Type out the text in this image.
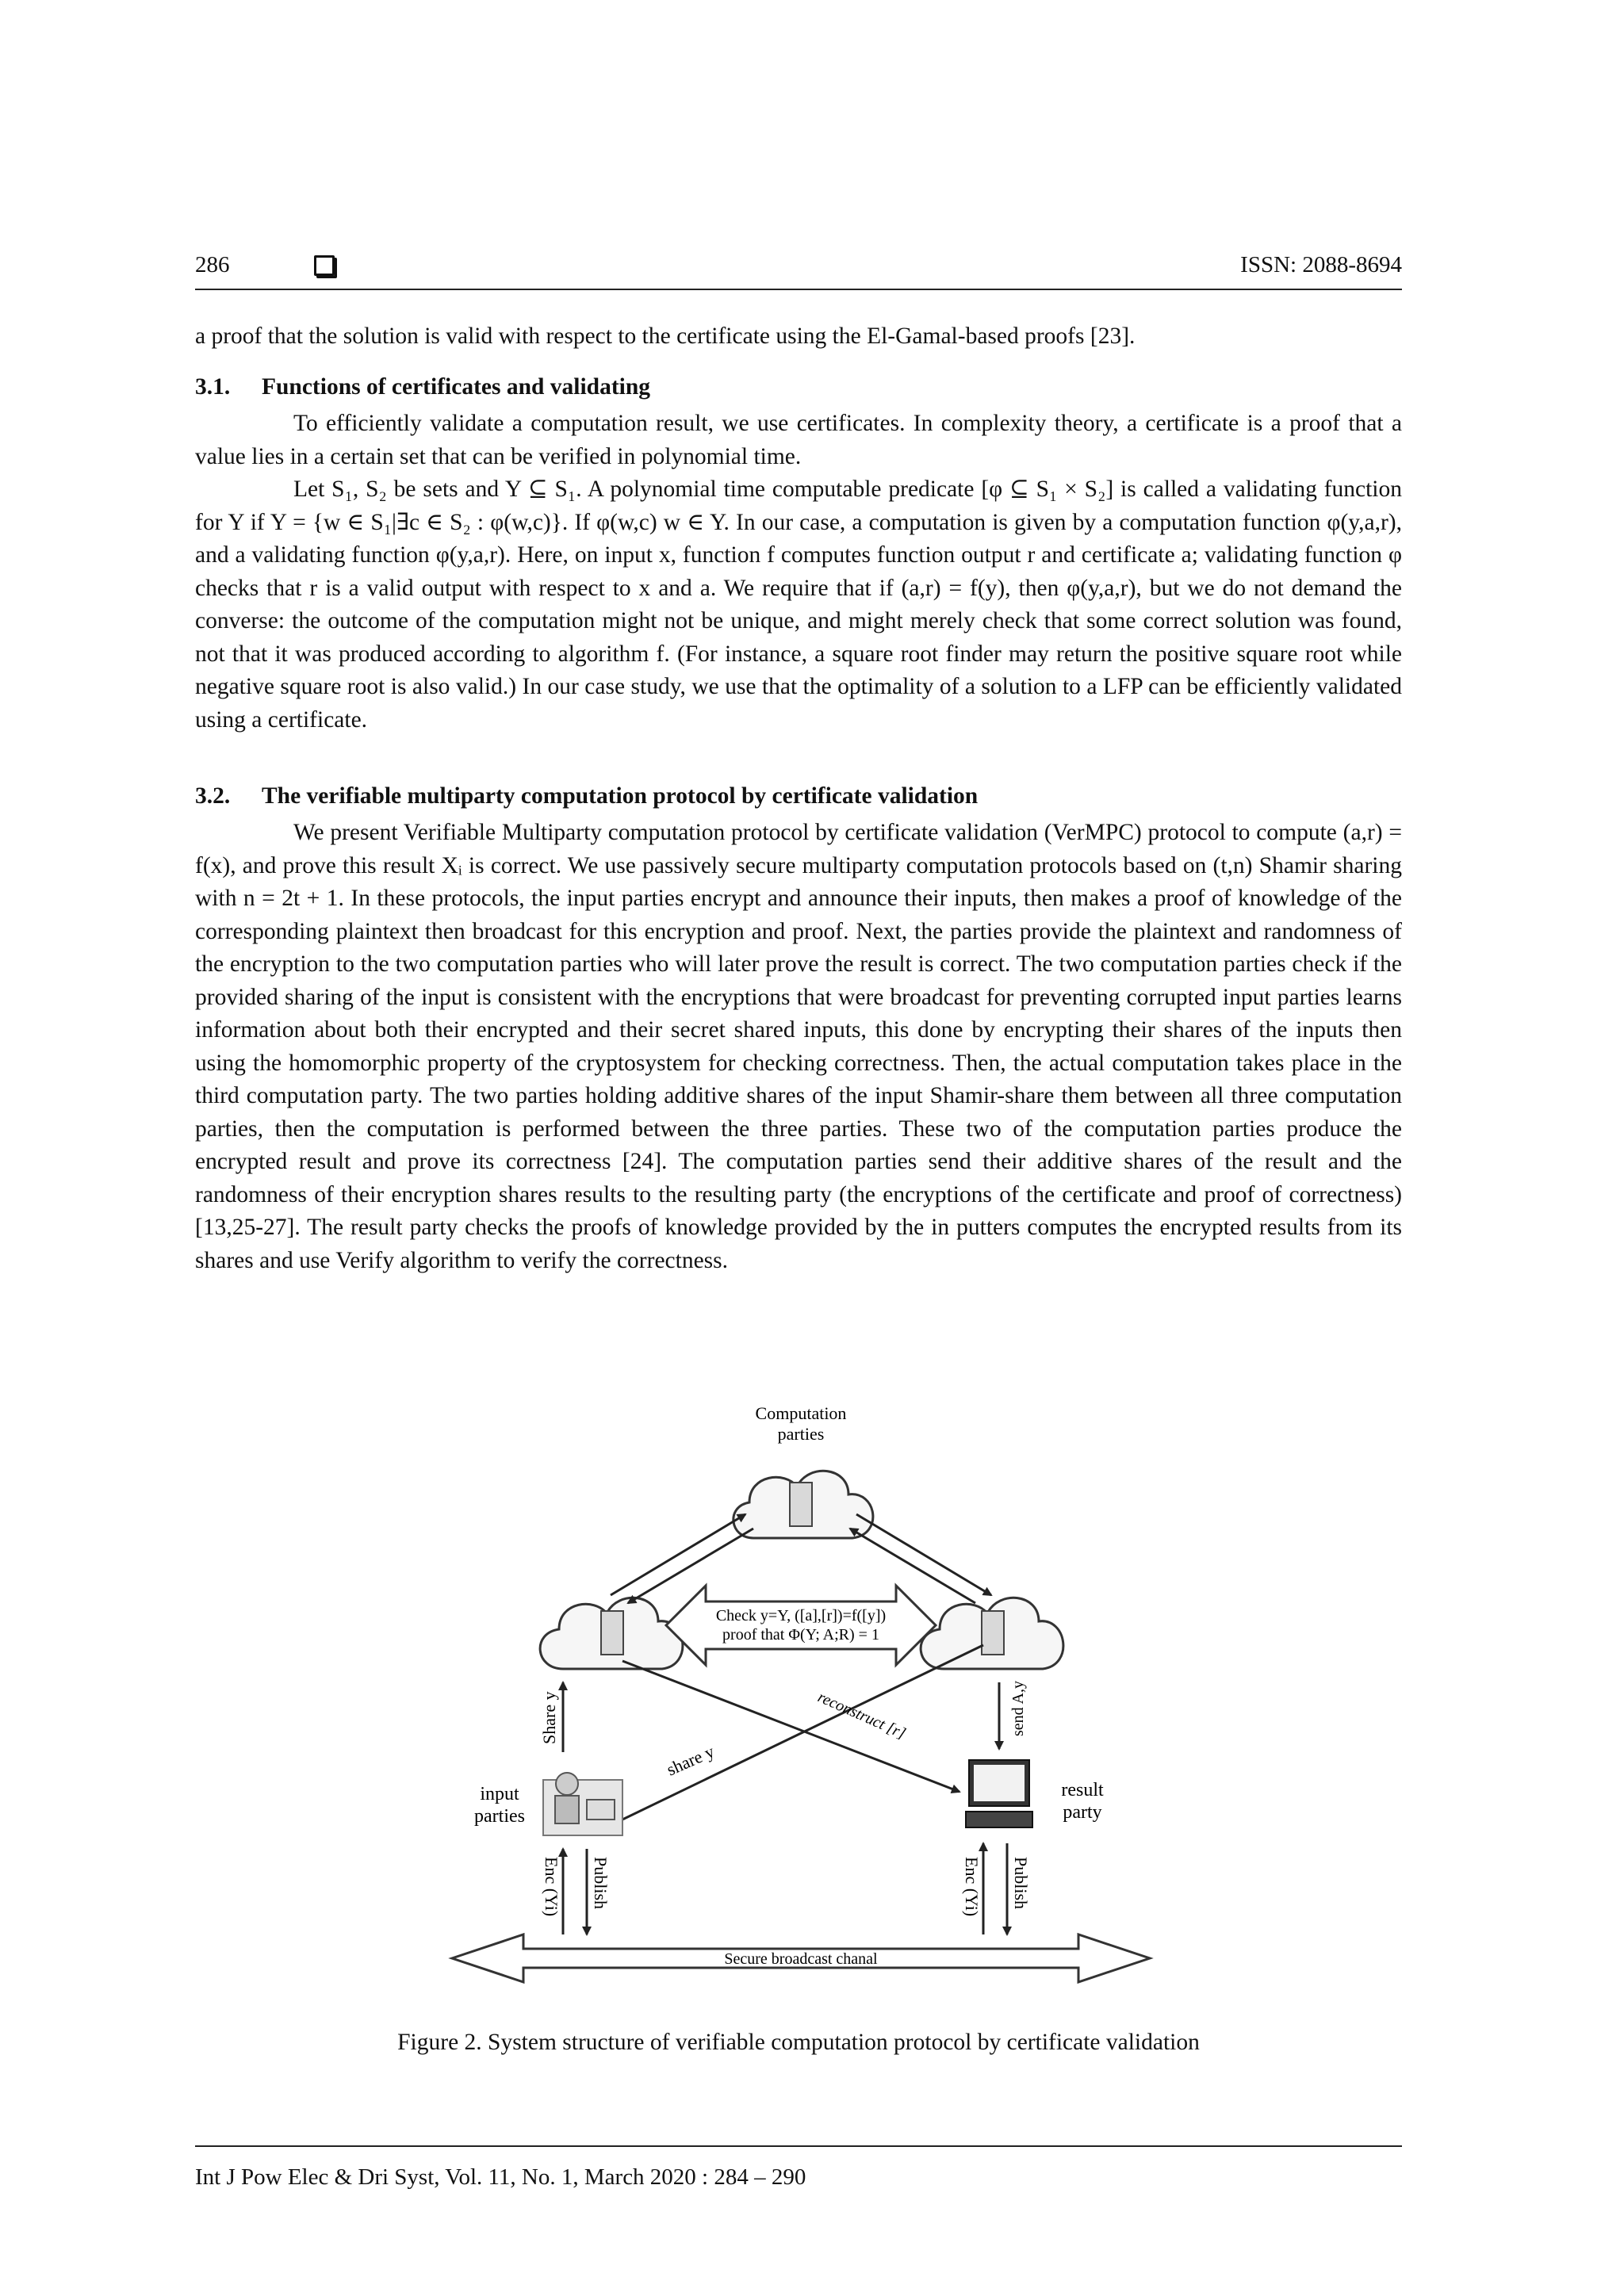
286	ISSN: 2088-8694

a proof that the solution is valid with respect to the certificate using the El-Gamal-based proofs [23].

3.1. Functions of certificates and validating

To efficiently validate a computation result, we use certificates. In complexity theory, a certificate is a proof that a value lies in a certain set that can be verified in polynomial time.

Let S₁, S₂ be sets and Y ⊆ S₁. A polynomial time computable predicate [φ ⊆ S₁ × S₂] is called a validating function for Y if Y = {w ∈ S₁|∃c ∈ S₂ : φ(w,c)}. If φ(w,c) w ∈ Y. In our case, a computation is given by a computation function φ(y,a,r), and a validating function φ(y,a,r). Here, on input x, function f computes function output r and certificate a; validating function φ checks that r is a valid output with respect to x and a. We require that if (a,r) = f(y), then φ(y,a,r), but we do not demand the converse: the outcome of the computation might not be unique, and might merely check that some correct solution was found, not that it was produced according to algorithm f. (For instance, a square root finder may return the positive square root while negative square root is also valid.) In our case study, we use that the optimality of a solution to a LFP can be efficiently validated using a certificate.

3.2. The verifiable multiparty computation protocol by certificate validation

We present Verifiable Multiparty computation protocol by certificate validation (VerMPC) protocol to compute (a,r) = f(x), and prove this result Xᵢ is correct. We use passively secure multiparty computation protocols based on (t,n) Shamir sharing with n = 2t + 1. In these protocols, the input parties encrypt and announce their inputs, then makes a proof of knowledge of the corresponding plaintext then broadcast for this encryption and proof. Next, the parties provide the plaintext and randomness of the encryption to the two computation parties who will later prove the result is correct. The two computation parties check if the provided sharing of the input is consistent with the encryptions that were broadcast for preventing corrupted input parties learns information about both their encrypted and their secret shared inputs, this done by encrypting their shares of the inputs then using the homomorphic property of the cryptosystem for checking correctness. Then, the actual computation takes place in the third computation party. The two parties holding additive shares of the input Shamir-share them between all three computation parties, then the computation is performed between the three parties. These two of the computation parties produce the encrypted result and prove its correctness [24]. The computation parties send their additive shares of the result and the randomness of their encryption shares results to the resulting party (the encryptions of the certificate and proof of correctness) [13,25-27]. The result party checks the proofs of knowledge provided by the in putters computes the encrypted results from its shares and use Verify algorithm to verify the correctness.

Computation
parties
Check y=Y, ([a],[r])=f([y])
proof that Φ(Y; A;R) = 1
Share y	send A,y
share y
reconstruct [r]
input
parties
result
party
Enc (Yi) Publish	Enc (Yi) Publish
Secure broadcast chanal
Figure 2. System structure of verifiable computation protocol by certificate validation
Int J Pow Elec & Dri Syst, Vol. 11, No. 1, March 2020 : 284 – 290
